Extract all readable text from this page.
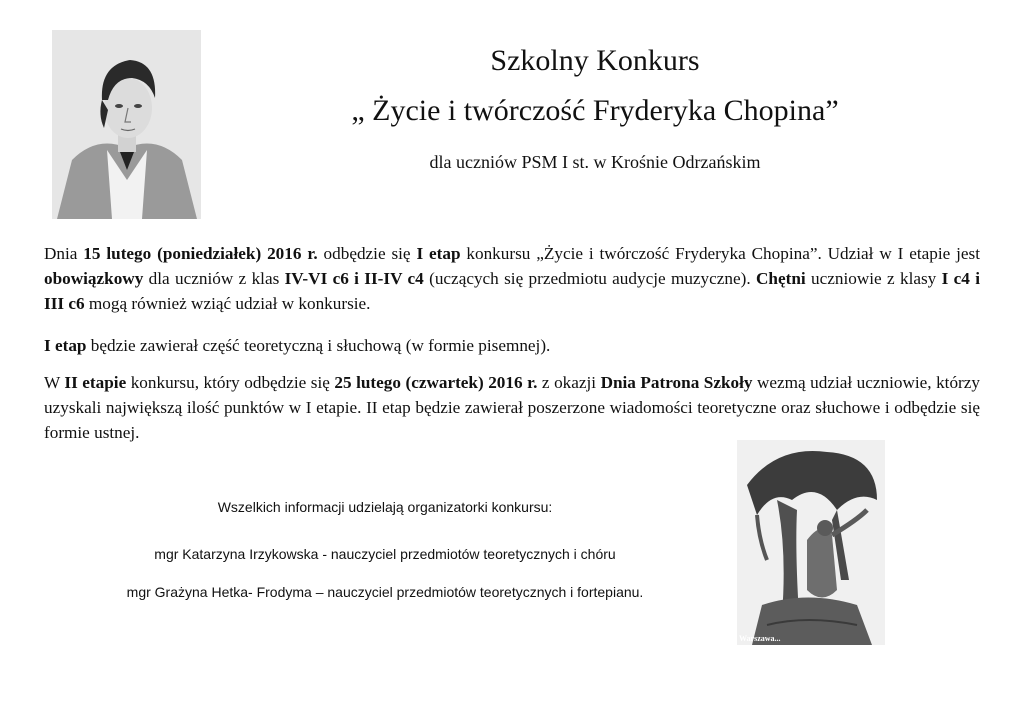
Szkolny Konkurs
„ Życie i twórczość Fryderyka Chopina”
dla uczniów PSM I st. w Krośnie Odrzańskim
Dnia 15 lutego (poniedziałek) 2016 r. odbędzie się I etap konkursu „Życie i twórczość Fryderyka Chopina”. Udział w I etapie jest obowiązkowy dla uczniów z klas IV-VI c6 i II-IV c4 (uczących się przedmiotu audycje muzyczne). Chętni uczniowie z klasy I c4 i III c6 mogą również wziąć udział w konkursie.
I etap będzie zawierał część teoretyczną i słuchową (w formie pisemnej).
W II etapie konkursu, który odbędzie się 25 lutego (czwartek) 2016 r. z okazji Dnia Patrona Szkoły wezmą udział uczniowie, którzy uzyskali największą ilość punktów w I etapie. II etap będzie zawierał poszerzone wiadomości teoretyczne oraz słuchowe i odbędzie się formie ustnej.
Wszelkich informacji udzielają organizatorki konkursu:
mgr Katarzyna Irzykowska - nauczyciel przedmiotów teoretycznych i chóru
mgr Grażyna Hetka- Frodyma – nauczyciel przedmiotów teoretycznych i fortepianu.
Warszawa...
